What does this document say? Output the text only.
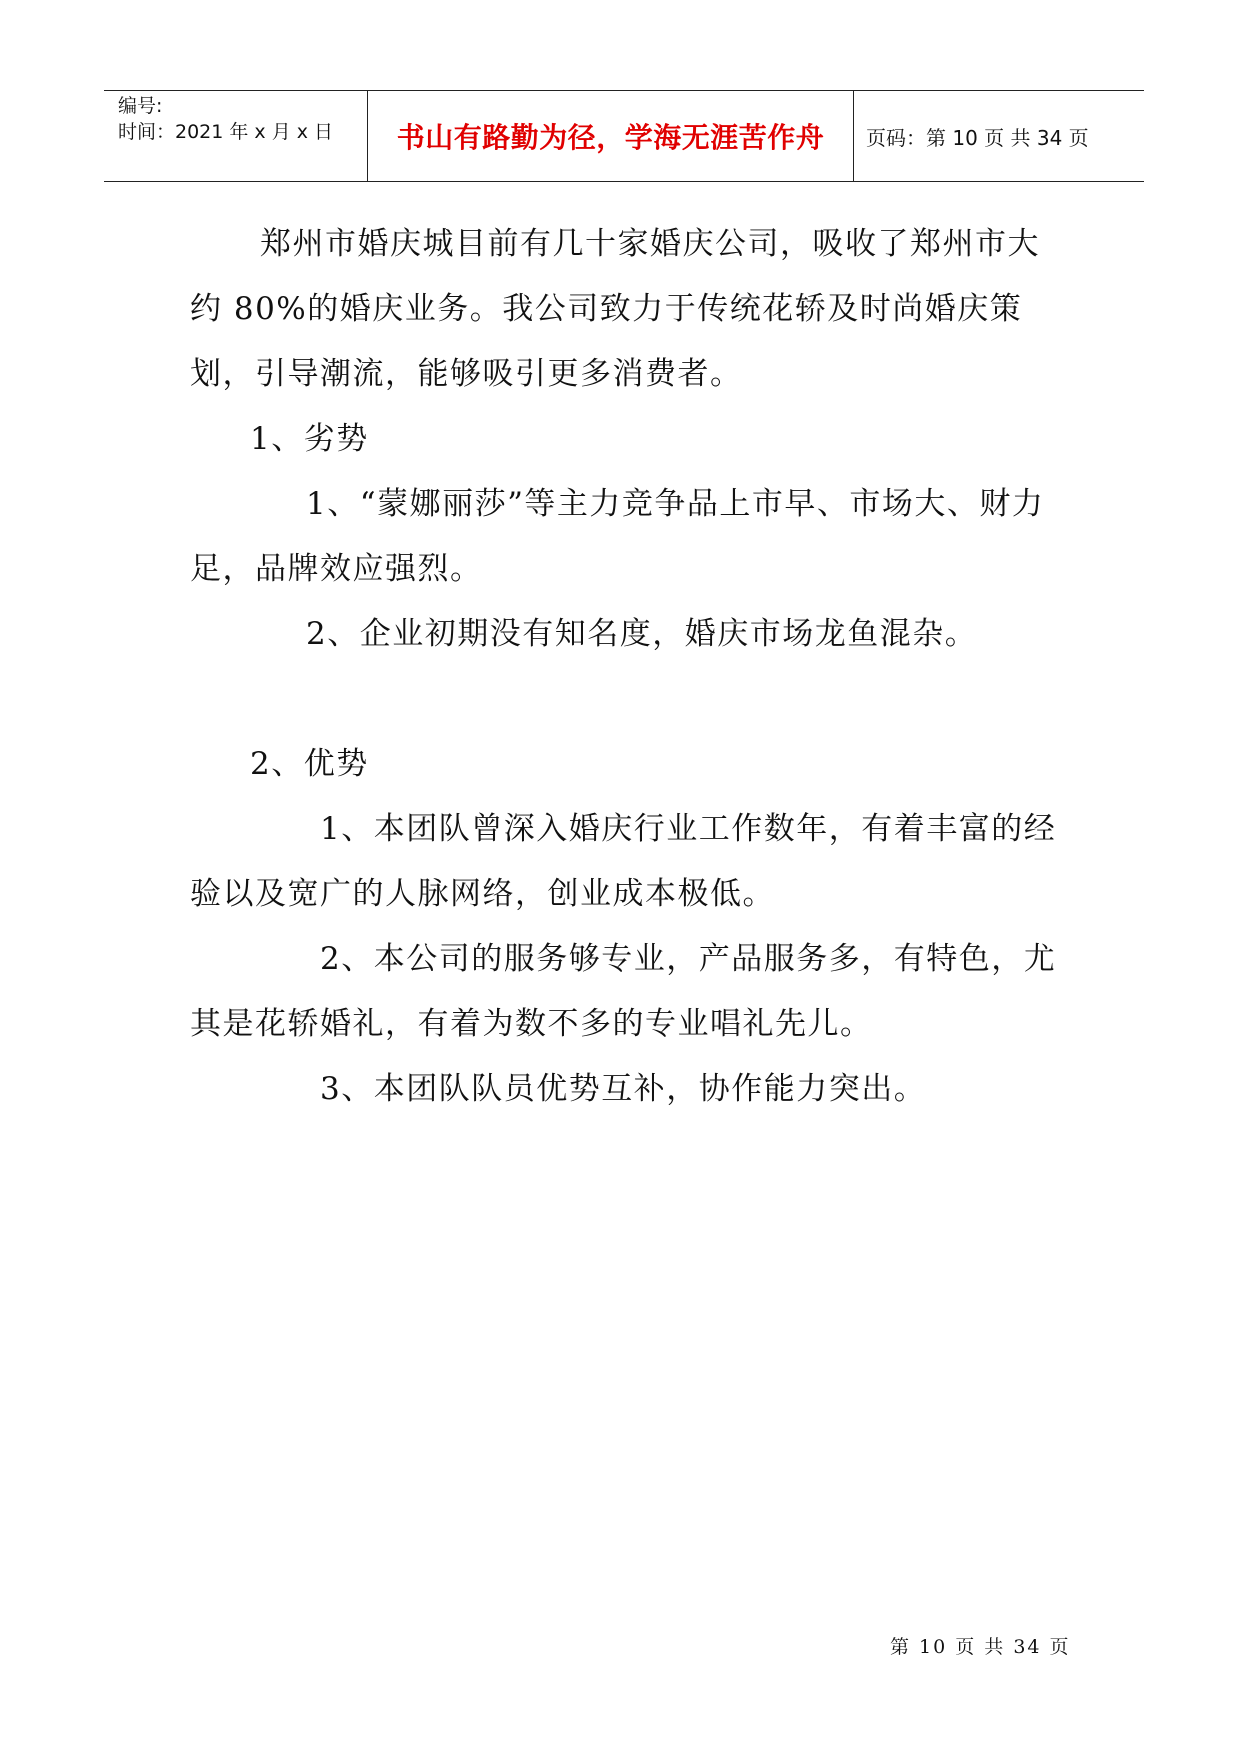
编号:
时间：2021 年 x 月 x 日	书山有路勤为径，学海无涯苦作舟 页码：第 10 页 共 34 页

郑州市婚庆城目前有几十家婚庆公司，吸收了郑州市大约 80%的婚庆业务。我公司致力于传统花轿及时尚婚庆策划，引导潮流，能够吸引更多消费者。

1、劣势

1、“蒙娜丽莎”等主力竞争品上市早、市场大、财力足，品牌效应强烈。

2、企业初期没有知名度，婚庆市场龙鱼混杂。

2、优势

1、本团队曾深入婚庆行业工作数年，有着丰富的经验以及宽广的人脉网络，创业成本极低。

2、本公司的服务够专业，产品服务多，有特色，尤其是花轿婚礼，有着为数不多的专业唱礼先儿。

3、本团队队员优势互补，协作能力突出。

第 10 页 共 34 页
